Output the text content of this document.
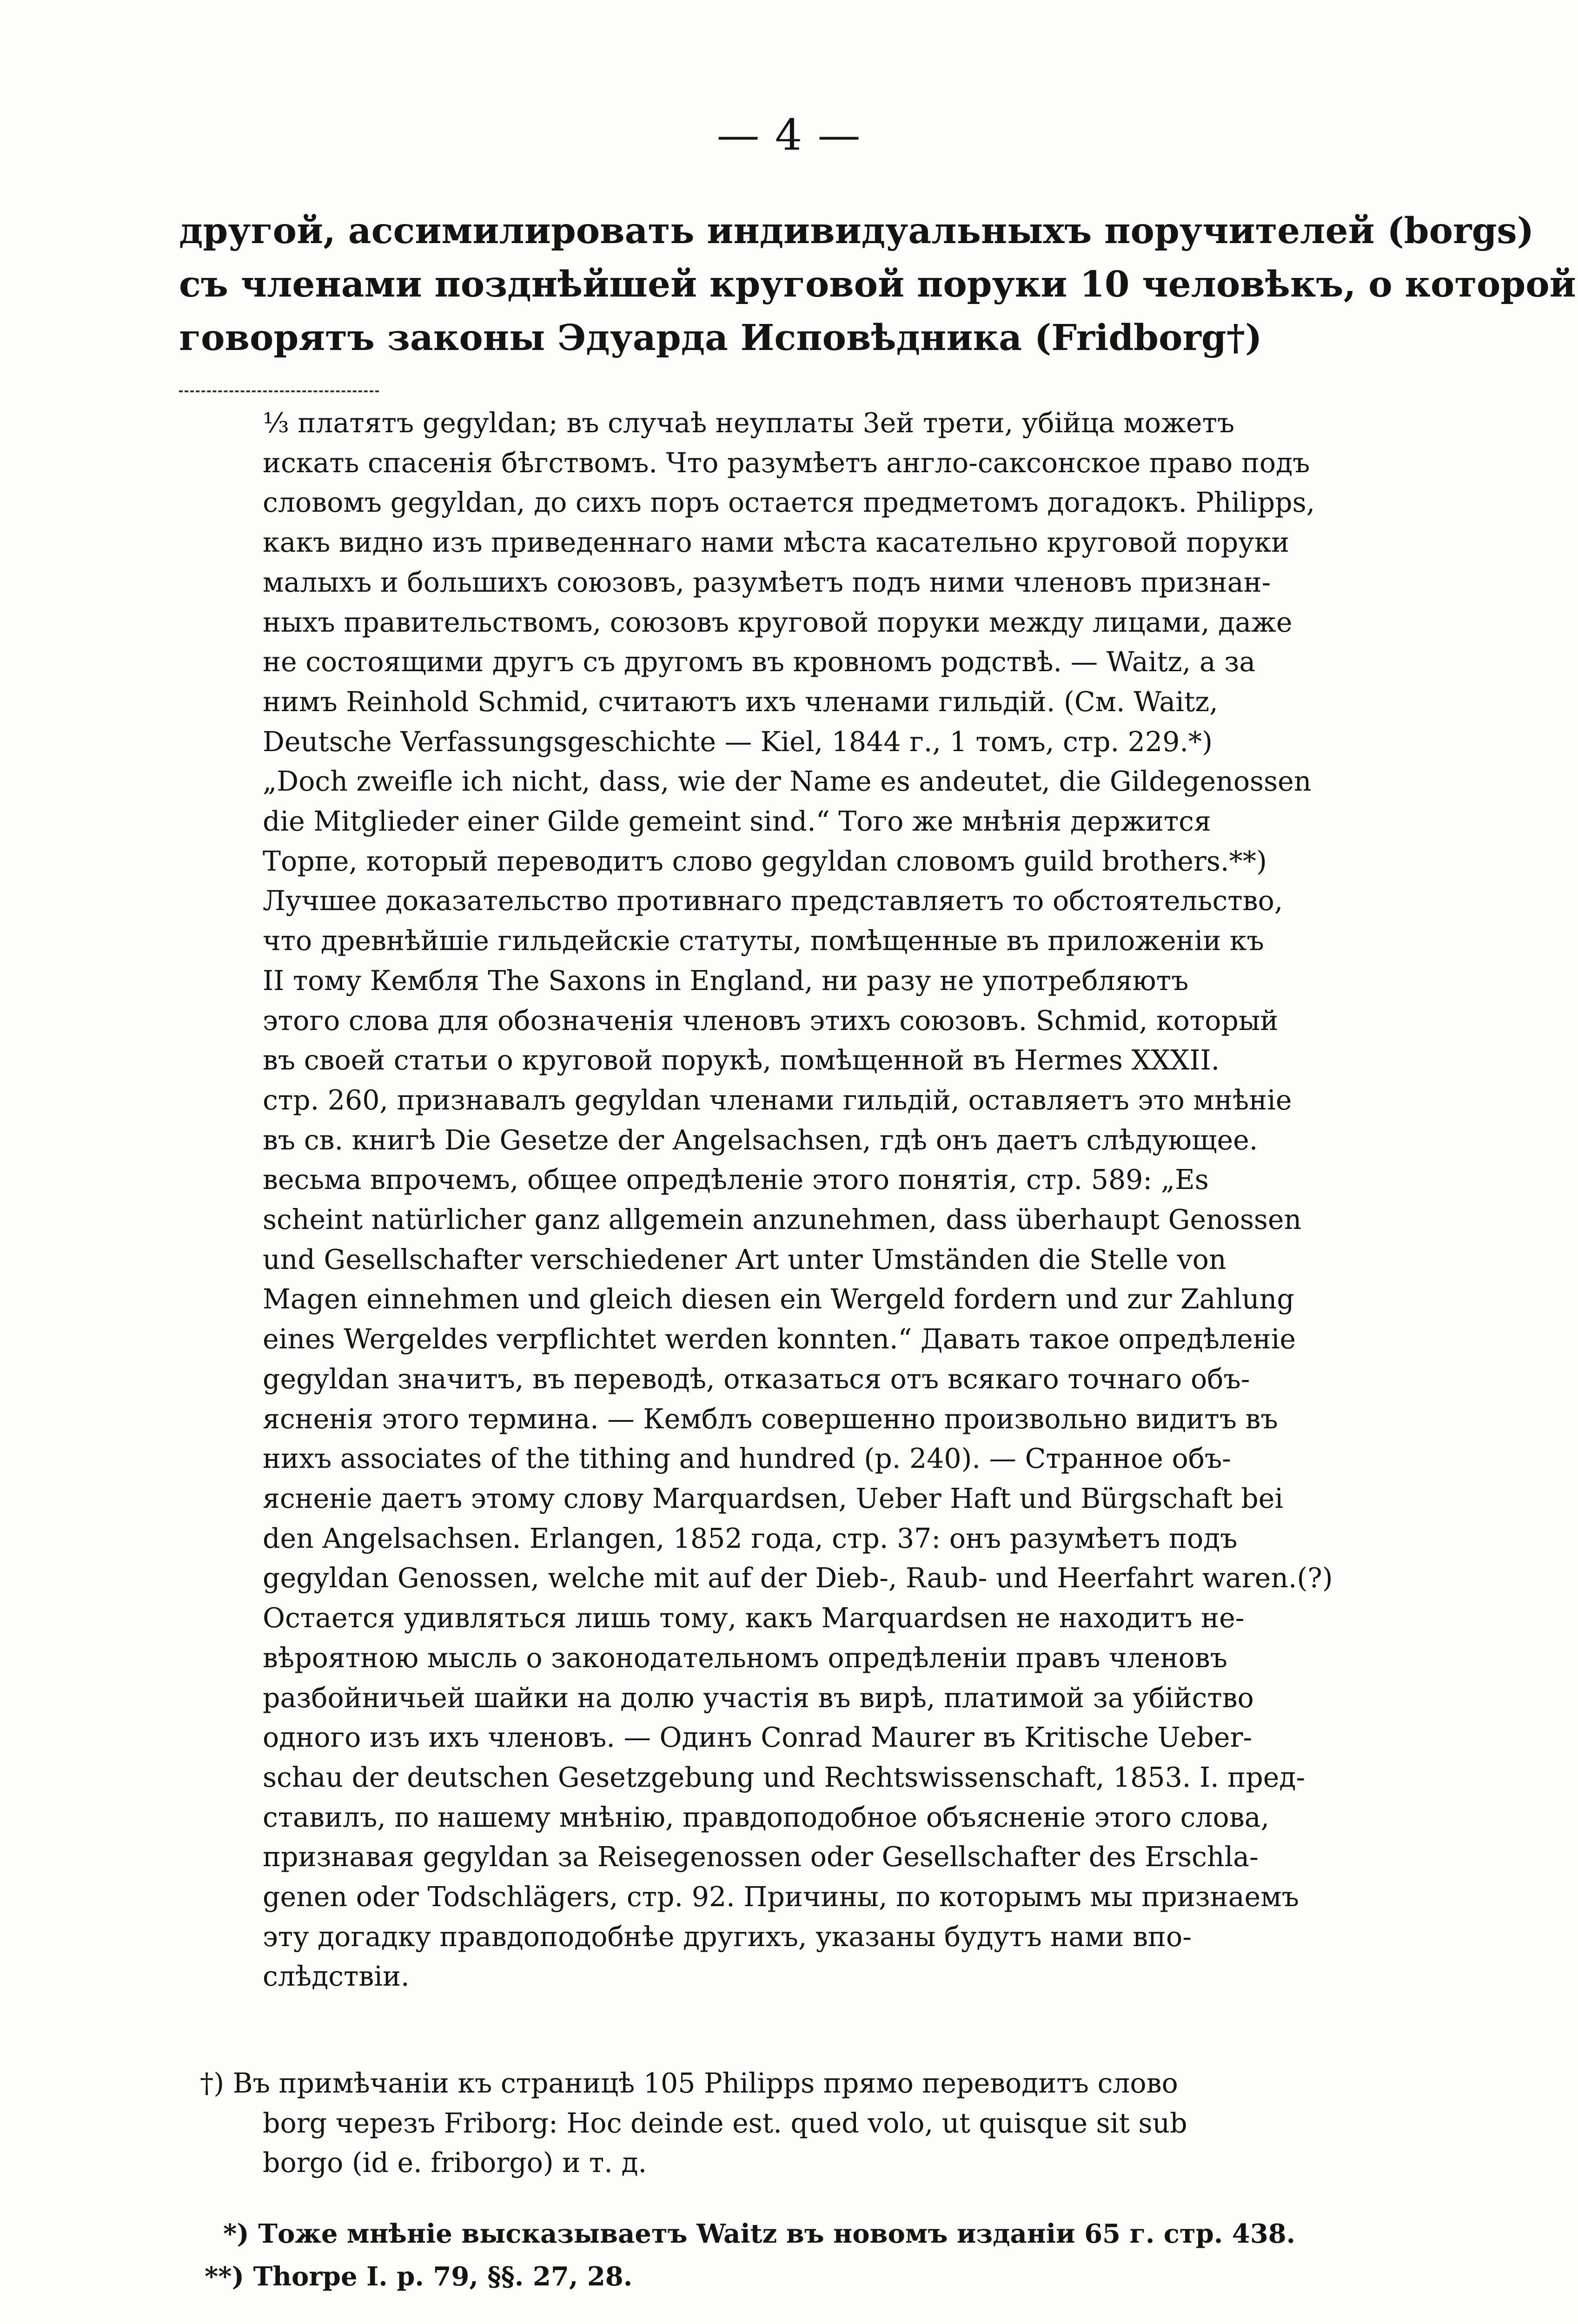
— 4 —
другой, ассимилировать индивидуальныхъ поручителей (borgs)
съ членами позднѣйшей круговой поруки 10 человѣкъ, о которой
говорятъ законы Эдуарда Исповѣдника (Fridborg†)
⅓ платятъ gegyldan; въ случаѣ неуплаты 3ей трети, убійца можетъ
искать спасенія бѣгствомъ. Что разумѣетъ англо-саксонское право подъ
словомъ gegyldan, до сихъ поръ остается предметомъ догадокъ. Philipps,
какъ видно изъ приведеннаго нами мѣста касательно круговой поруки
малыхъ и большихъ союзовъ, разумѣетъ подъ ними членовъ признан-
ныхъ правительствомъ, союзовъ круговой поруки между лицами, даже
не состоящими другъ съ другомъ въ кровномъ родствѣ. — Waitz, а за
нимъ Reinhold Schmid, считаютъ ихъ членами гильдій. (См. Waitz,
Deutsche Verfassungsgeschichte — Kiel, 1844 г., 1 томъ, стр. 229.*)
„Doch zweifle ich nicht, dass, wie der Name es andeutet, die Gildegenossen
die Mitglieder einer Gilde gemeint sind.“ Того же мнѣнія держится
Торпе, который переводитъ слово gegyldan словомъ guild brothers.**)
Лучшее доказательство противнаго представляетъ то обстоятельство,
что древнѣйшіе гильдейскіе статуты, помѣщенные въ приложеніи къ
II тому Кембля The Saxons in England, ни разу не употребляютъ
этого слова для обозначенія членовъ этихъ союзовъ. Schmid, который
въ своей статьи о круговой порукѣ, помѣщенной въ Hermes XXXII.
стр. 260, признавалъ gegyldan членами гильдій, оставляетъ это мнѣніе
въ св. книгѣ Die Gesetze der Angelsachsen, гдѣ онъ даетъ слѣдующее.
весьма впрочемъ, общее опредѣленіе этого понятія, стр. 589: „Es
scheint natürlicher ganz allgemein anzunehmen, dass überhaupt Genossen
und Gesellschafter verschiedener Art unter Umständen die Stelle von
Magen einnehmen und gleich diesen ein Wergeld fordern und zur Zahlung
eines Wergeldes verpflichtet werden konnten.“ Давать такое опредѣленіе
gegyldan значитъ, въ переводѣ, отказаться отъ всякаго точнаго объ-
ясненія этого термина. — Кемблъ совершенно произвольно видитъ въ
нихъ associates of the tithing and hundred (p. 240). — Странное объ-
ясненіе даетъ этому слову Marquardsen, Ueber Haft und Bürgschaft bei
den Angelsachsen. Erlangen, 1852 года, стр. 37: онъ разумѣетъ подъ
gegyldan Genossen, welche mit auf der Dieb-, Raub- und Heerfahrt waren.(?)
Остается удивляться лишь тому, какъ Marquardsen не находитъ не-
вѣроятною мысль о законодательномъ опредѣленіи правъ членовъ
разбойничьей шайки на долю участія въ вирѣ, платимой за убійство
одного изъ ихъ членовъ. — Одинъ Conrad Maurer въ Kritische Ueber-
schau der deutschen Gesetzgebung und Rechtswissenschaft, 1853. I. пред-
ставилъ, по нашему мнѣнію, правдоподобное объясненіе этого слова,
признавая gegyldan за Reisegenossen oder Gesellschafter des Erschla-
genen oder Todschlägers, стр. 92. Причины, по которымъ мы признаемъ
эту догадку правдоподобнѣе другихъ, указаны будутъ нами впо-
слѣдствіи.
†) Въ примѣчаніи къ страницѣ 105 Philipps прямо переводитъ слово
borg черезъ Friborg: Hoc deinde est. qued volo, ut quisque sit sub
borgo (id e. friborgo) и т. д.
*) Тоже мнѣніе высказываетъ Waitz въ новомъ изданіи 65 г. стр. 438.
**) Thorpe I. p. 79, §§. 27, 28.
